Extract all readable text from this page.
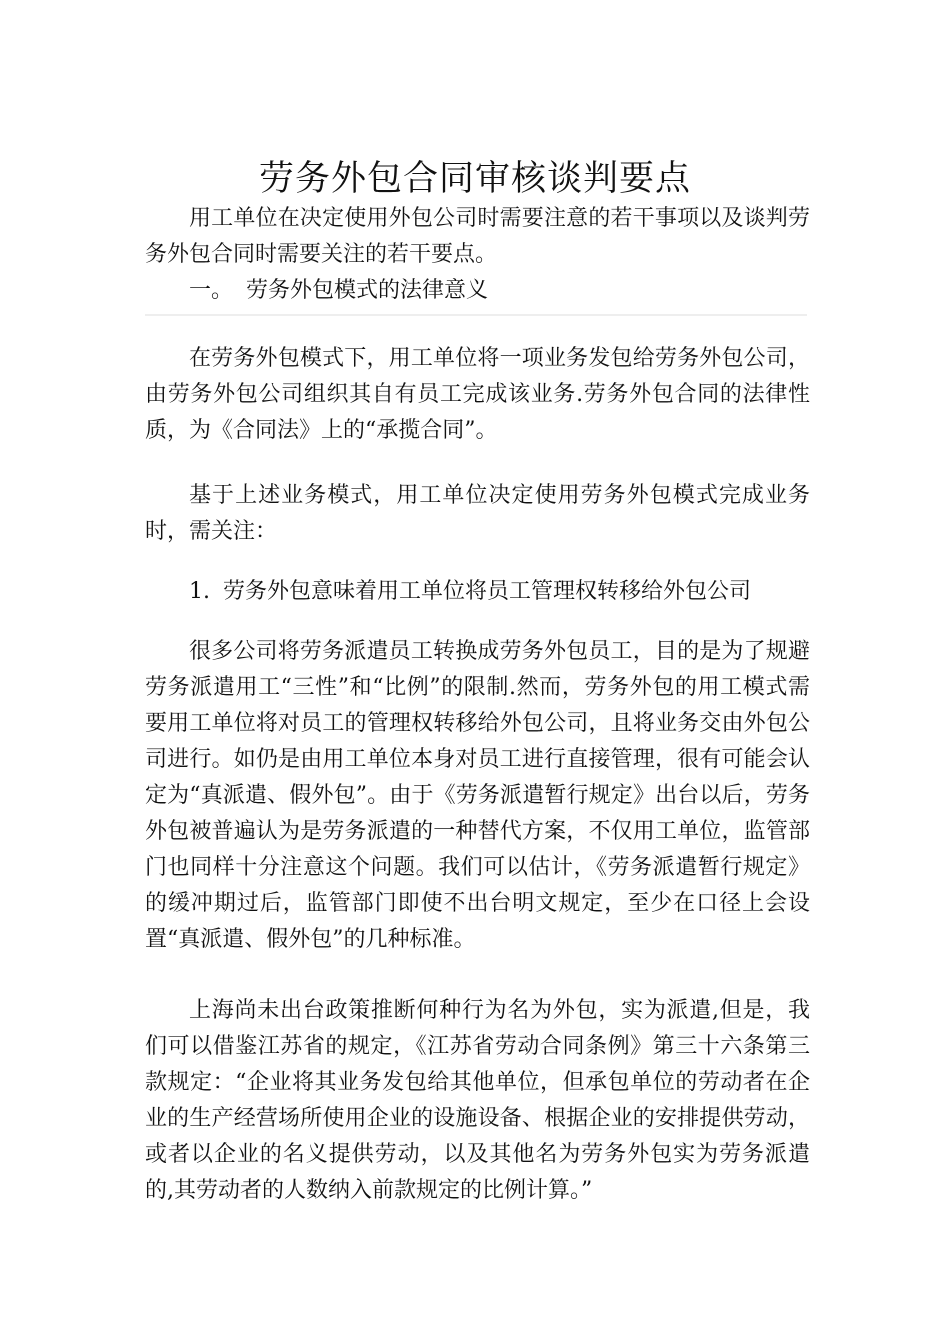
劳务外包合同审核谈判要点

用工单位在决定使用外包公司时需要注意的若干事项以及谈判劳务外包合同时需要关注的若干要点。

一。 劳务外包模式的法律意义

在劳务外包模式下，用工单位将一项业务发包给劳务外包公司，由劳务外包公司组织其自有员工完成该业务.劳务外包合同的法律性质，为《合同法》上的“承揽合同”。

基于上述业务模式，用工单位决定使用劳务外包模式完成业务时，需关注：

1. 劳务外包意味着用工单位将员工管理权转移给外包公司

很多公司将劳务派遣员工转换成劳务外包员工，目的是为了规避劳务派遣用工“三性”和“比例”的限制.然而，劳务外包的用工模式需要用工单位将对员工的管理权转移给外包公司，且将业务交由外包公司进行。如仍是由用工单位本身对员工进行直接管理，很有可能会认定为“真派遣、假外包”。由于《劳务派遣暂行规定》出台以后，劳务外包被普遍认为是劳务派遣的一种替代方案，不仅用工单位，监管部门也同样十分注意这个问题。我们可以估计，《劳务派遣暂行规定》的缓冲期过后，监管部门即使不出台明文规定，至少在口径上会设置“真派遣、假外包”的几种标准。

上海尚未出台政策推断何种行为名为外包，实为派遣,但是，我们可以借鉴江苏省的规定，《江苏省劳动合同条例》第三十六条第三款规定：“企业将其业务发包给其他单位，但承包单位的劳动者在企业的生产经营场所使用企业的设施设备、根据企业的安排提供劳动，或者以企业的名义提供劳动，以及其他名为劳务外包实为劳务派遣的,其劳动者的人数纳入前款规定的比例计算。”
